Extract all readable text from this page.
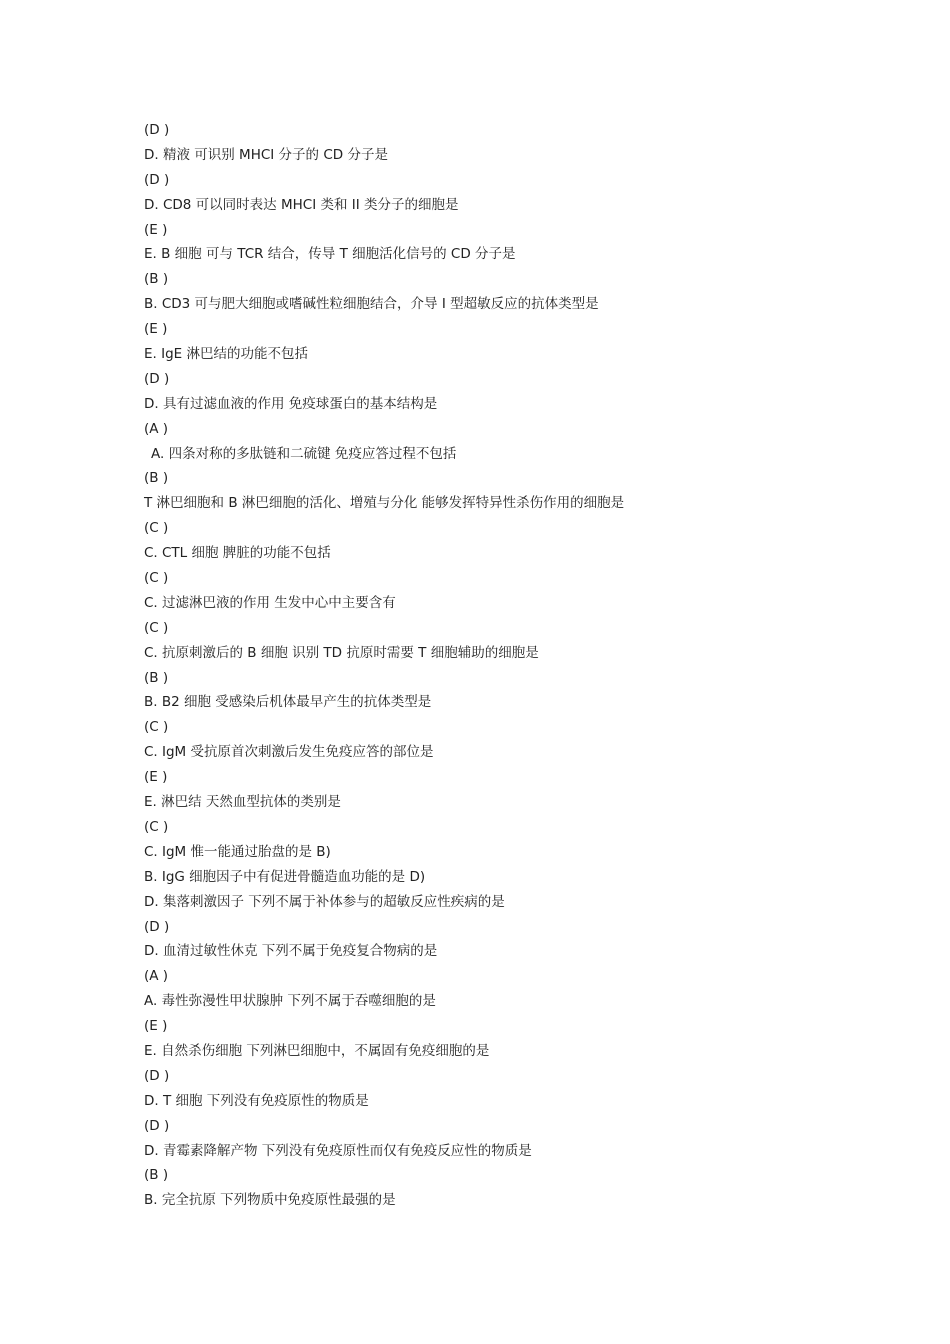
(D )
D. 精液 可识别 MHCI 分子的 CD 分子是
(D )
D. CD8 可以同时表达 MHCI 类和 II 类分子的细胞是
(E )
E. B 细胞 可与 TCR 结合，传导 T 细胞活化信号的 CD 分子是
(B )
B. CD3 可与肥大细胞或嗜碱性粒细胞结合，介导 I 型超敏反应的抗体类型是
(E )
E. IgE 淋巴结的功能不包括
(D )
D. 具有过滤血液的作用 免疫球蛋白的基本结构是
(A )
A. 四条对称的多肽链和二硫键 免疫应答过程不包括
(B )
T 淋巴细胞和 B 淋巴细胞的活化、增殖与分化 能够发挥特异性杀伤作用的细胞是
(C )
C. CTL 细胞 脾脏的功能不包括
(C )
C. 过滤淋巴液的作用 生发中心中主要含有
(C )
C. 抗原刺激后的 B 细胞 识别 TD 抗原时需要 T 细胞辅助的细胞是
(B )
B. B2 细胞 受感染后机体最早产生的抗体类型是
(C )
C. IgM 受抗原首次刺激后发生免疫应答的部位是
(E )
E. 淋巴结 天然血型抗体的类别是
(C )
C. IgM 惟一能通过胎盘的是 B)
B. IgG 细胞因子中有促进骨髓造血功能的是 D)
D. 集落刺激因子 下列不属于补体参与的超敏反应性疾病的是
(D )
D. 血清过敏性休克 下列不属于免疫复合物病的是
(A )
A. 毒性弥漫性甲状腺肿 下列不属于吞噬细胞的是
(E )
E. 自然杀伤细胞 下列淋巴细胞中，不属固有免疫细胞的是
(D )
D. T 细胞 下列没有免疫原性的物质是
(D )
D. 青霉素降解产物 下列没有免疫原性而仅有免疫反应性的物质是
(B )
B. 完全抗原 下列物质中免疫原性最强的是
